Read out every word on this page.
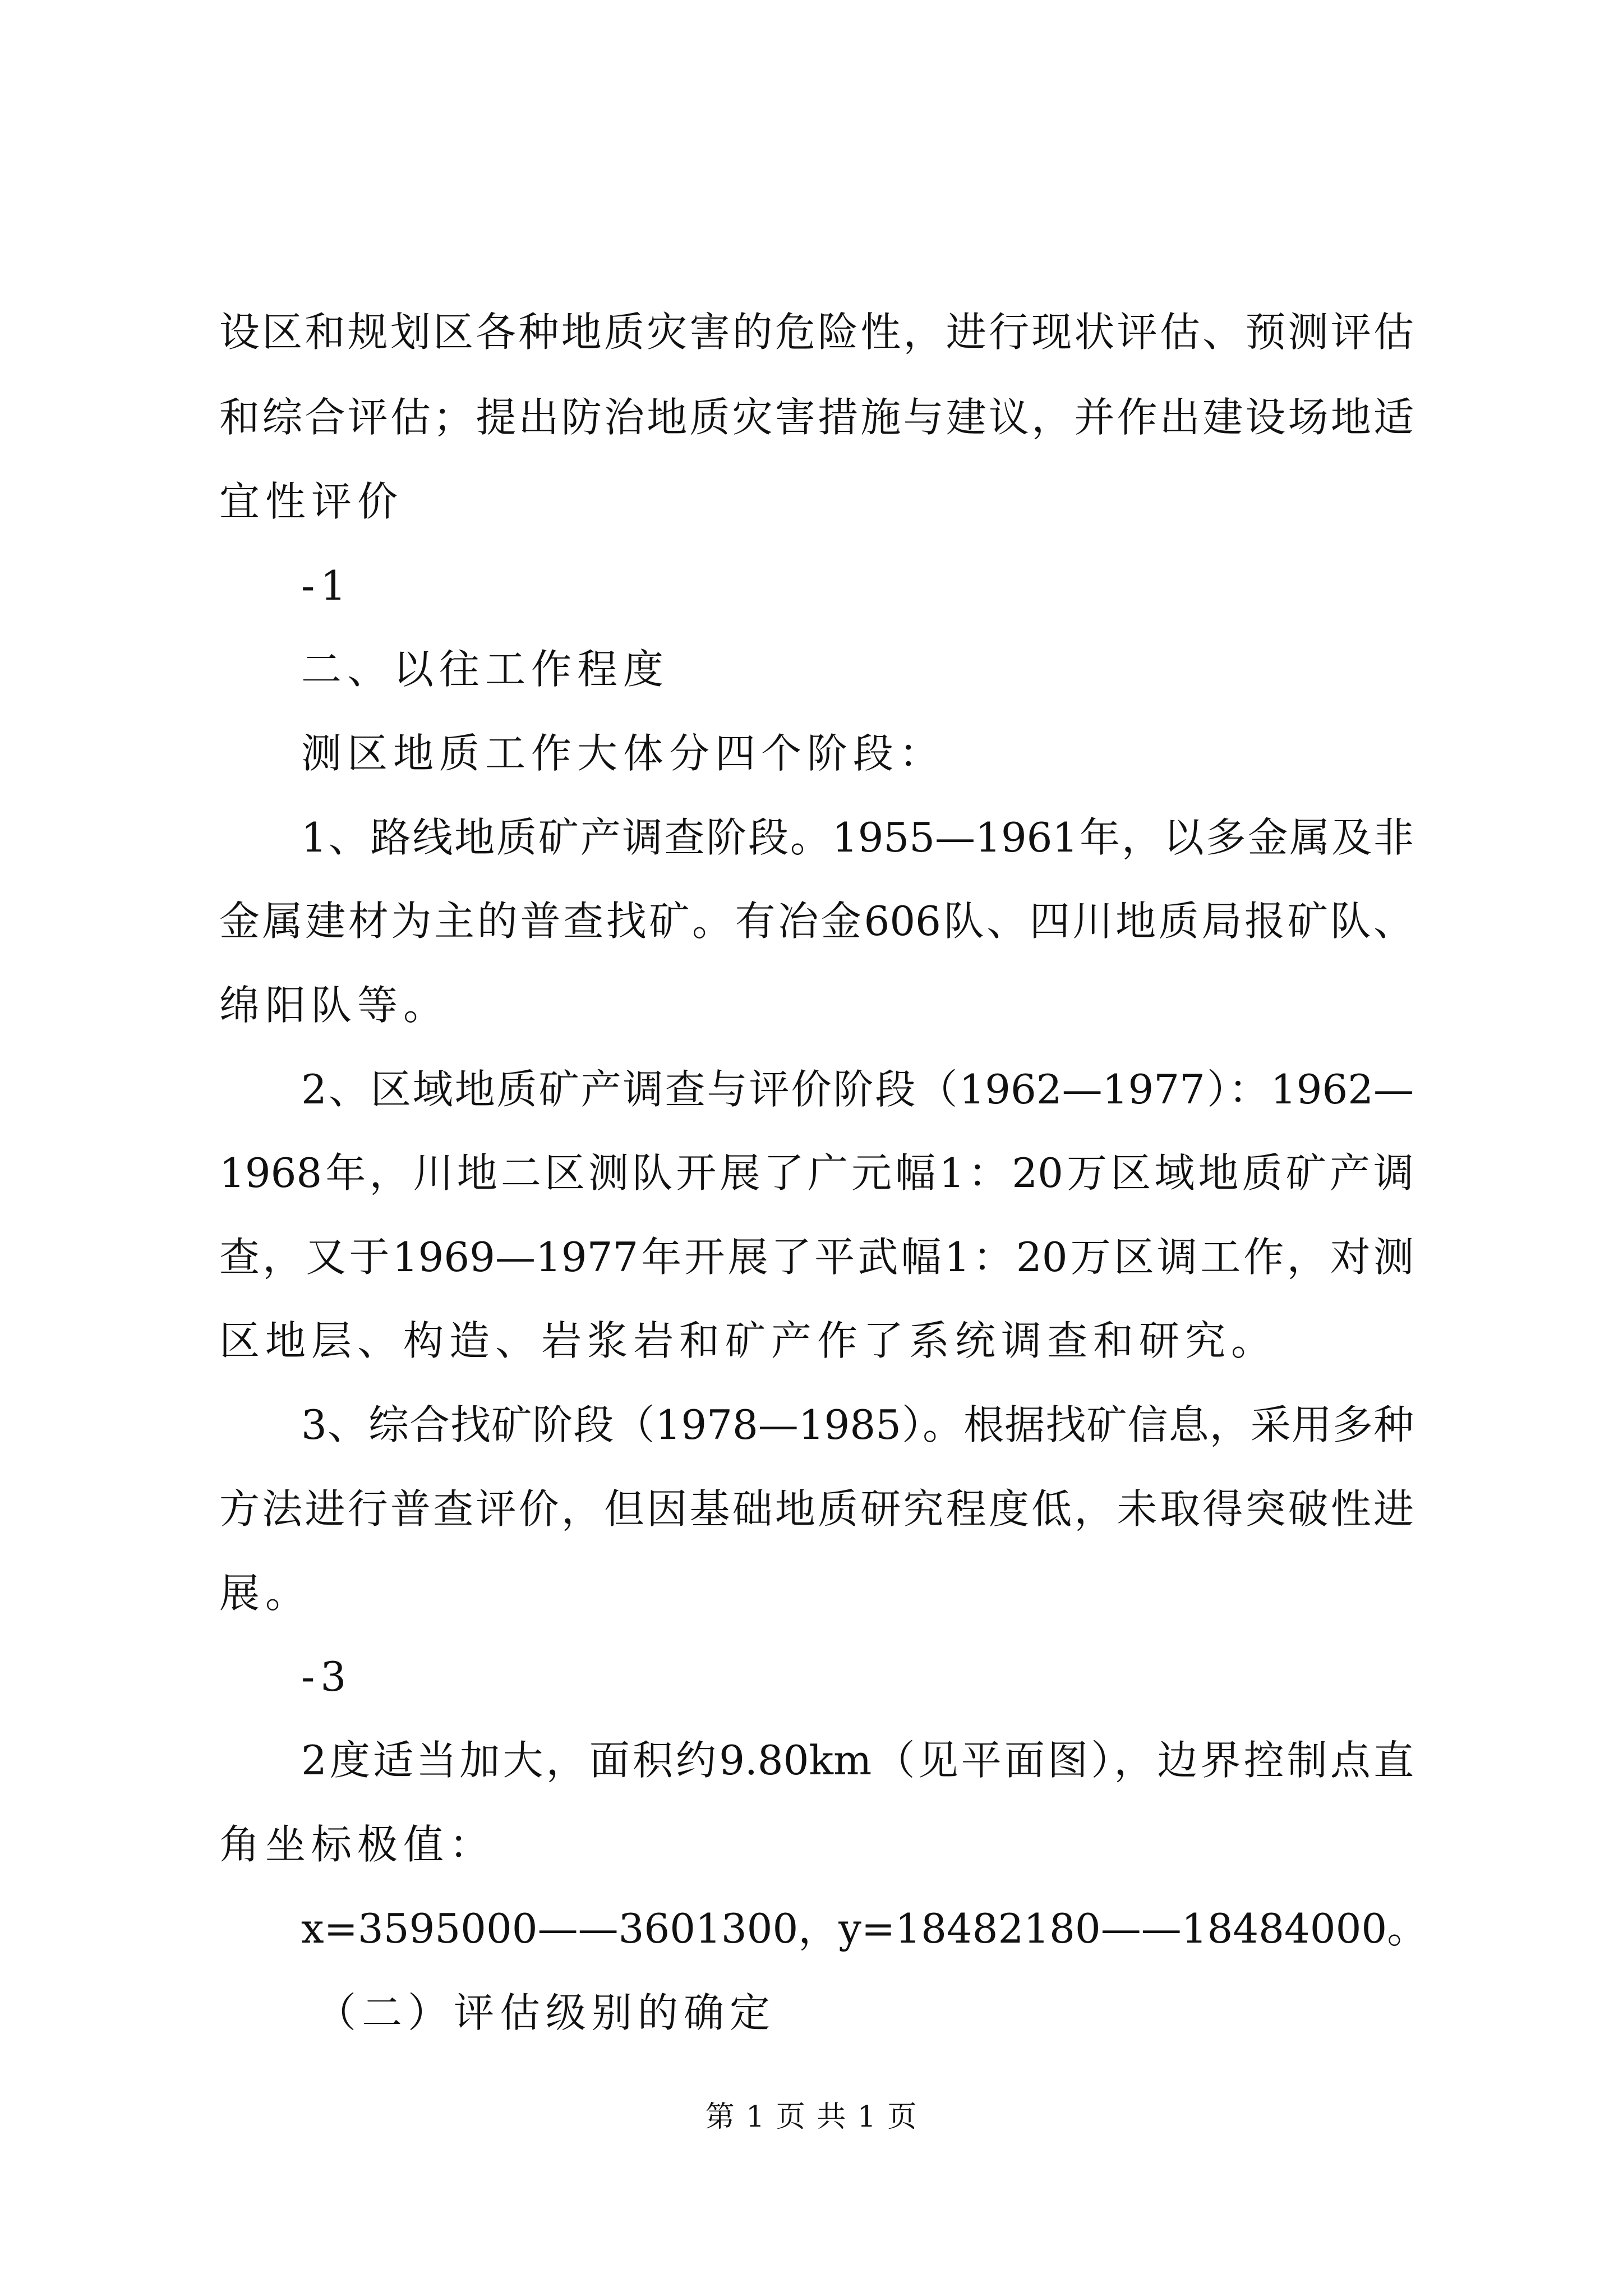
设区和规划区各种地质灾害的危险性，进行现状评估、预测评估
和综合评估；提出防治地质灾害措施与建议，并作出建设场地适
宜性评价
-1
二、以往工作程度
测区地质工作大体分四个阶段：
1、路线地质矿产调查阶段。1955—1961年，以多金属及非
金属建材为主的普查找矿。有冶金606队、四川地质局报矿队、
绵阳队等。
2、区域地质矿产调查与评价阶段（1962—1977）：1962—
1968年，川地二区测队开展了广元幅1：20万区域地质矿产调
查，又于1969—1977年开展了平武幅1：20万区调工作，对测
区地层、构造、岩浆岩和矿产作了系统调查和研究。
3、综合找矿阶段（1978—1985）。根据找矿信息，采用多种
方法进行普查评价，但因基础地质研究程度低，未取得突破性进
展。
-3
2度适当加大，面积约9.80km（见平面图），边界控制点直
角坐标极值：
x=3595000——3601300，y=18482180——18484000。
（二）评估级别的确定
第 1 页 共 1 页
